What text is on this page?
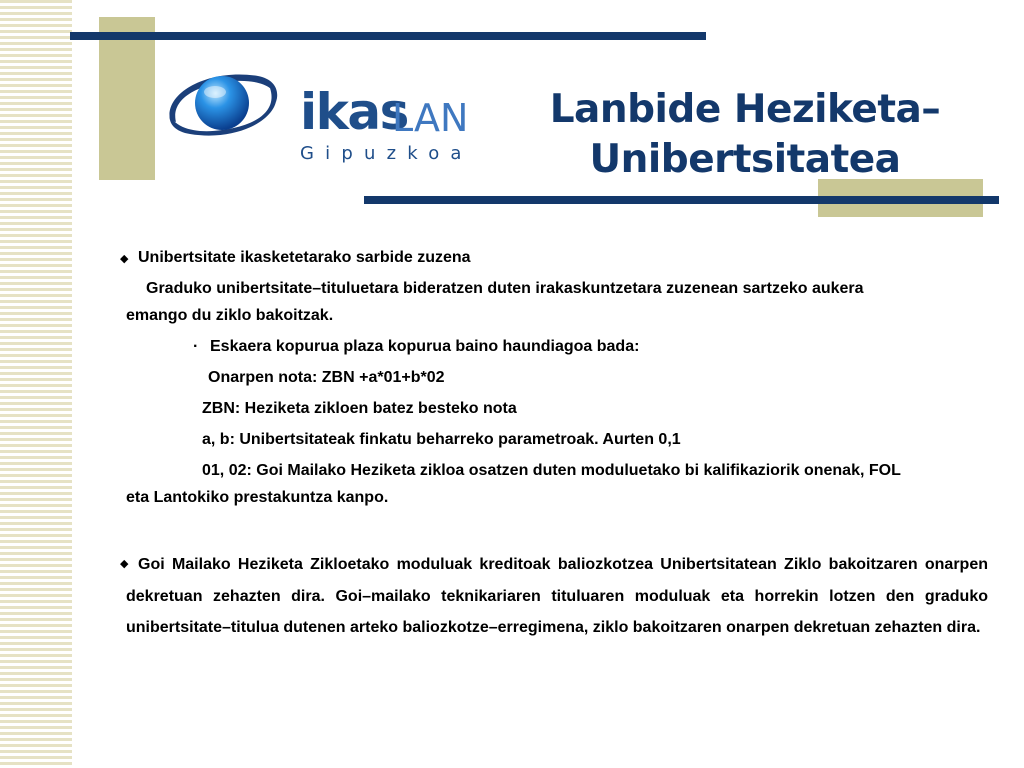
ikas
LAN
Gipuzkoa
Lanbide Heziketa–
Unibertsitatea
◆ Unibertsitate ikasketetarako sarbide zuzena
Graduko unibertsitate–tituluetara bideratzen duten irakaskuntzetara zuzenean sartzeko aukera
emango du ziklo bakoitzak.
· Eskaera kopurua plaza kopurua baino haundiagoa bada:
Onarpen nota: ZBN +a*01+b*02
ZBN: Heziketa zikloen batez besteko nota
a, b: Unibertsitateak finkatu beharreko parametroak. Aurten 0,1
01, 02: Goi Mailako Heziketa zikloa osatzen duten moduluetako bi kalifikaziorik onenak, FOL
eta Lantokiko prestakuntza kanpo.
◆ Goi Mailako Heziketa Zikloetako moduluak kreditoak baliozkotzea Unibertsitatean Ziklo bakoitzaren onarpen dekretuan zehazten dira. Goi–mailako teknikariaren tituluaren moduluak eta horrekin lotzen den graduko unibertsitate–titulua dutenen arteko baliozkotze–erregimena, ziklo bakoitzaren onarpen dekretuan zehazten dira.
